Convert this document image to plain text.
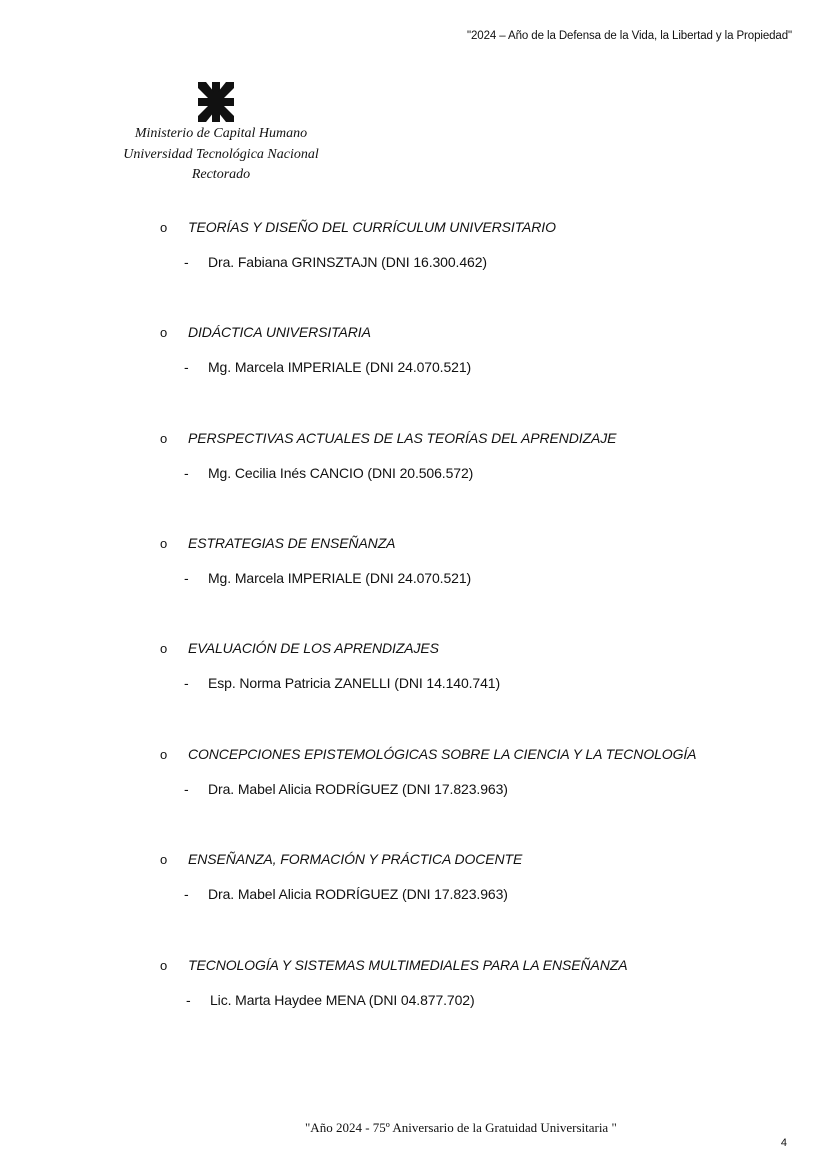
"2024 – Año de la Defensa de la Vida, la Libertad y la Propiedad"
Ministerio de Capital Humano
Universidad Tecnológica Nacional
Rectorado
o TEORÍAS Y DISEÑO DEL CURRÍCULUM UNIVERSITARIO
- Dra. Fabiana GRINSZTAJN (DNI 16.300.462)
o DIDÁCTICA UNIVERSITARIA
- Mg. Marcela IMPERIALE (DNI 24.070.521)
o PERSPECTIVAS ACTUALES DE LAS TEORÍAS DEL APRENDIZAJE
- Mg. Cecilia Inés CANCIO (DNI 20.506.572)
o ESTRATEGIAS DE ENSEÑANZA
- Mg. Marcela IMPERIALE (DNI 24.070.521)
o EVALUACIÓN DE LOS APRENDIZAJES
- Esp. Norma Patricia ZANELLI (DNI 14.140.741)
o CONCEPCIONES EPISTEMOLÓGICAS SOBRE LA CIENCIA Y LA TECNOLOGÍA
- Dra. Mabel Alicia RODRÍGUEZ (DNI 17.823.963)
o ENSEÑANZA, FORMACIÓN Y PRÁCTICA DOCENTE
- Dra. Mabel Alicia RODRÍGUEZ (DNI 17.823.963)
o TECNOLOGÍA Y SISTEMAS MULTIMEDIALES PARA LA ENSEÑANZA
- Lic. Marta Haydee MENA (DNI 04.877.702)
"Año 2024 - 75º Aniversario de la Gratuidad Universitaria "
4
